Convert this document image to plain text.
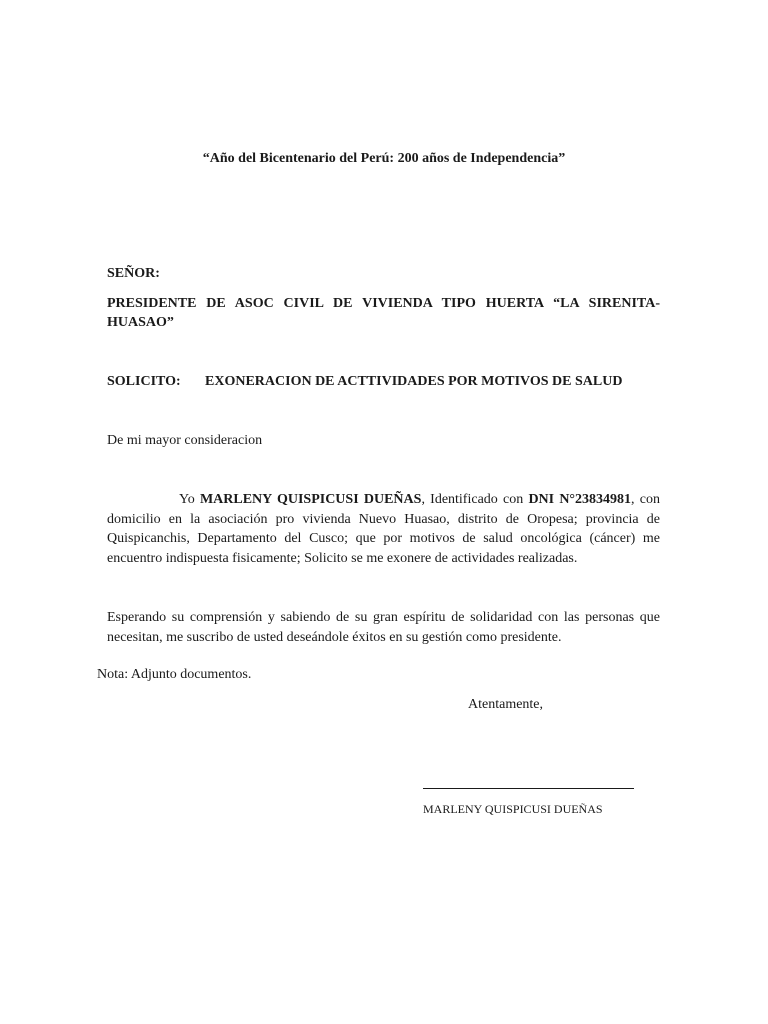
“Año del Bicentenario del Perú: 200 años de Independencia”
SEÑOR:
PRESIDENTE DE ASOC CIVIL DE VIVIENDA TIPO HUERTA “LA SIRENITA-HUASAO”
SOLICITO:	EXONERACION DE ACTTIVIDADES POR MOTIVOS DE SALUD
De mi mayor consideracion
Yo MARLENY QUISPICUSI DUEÑAS, Identificado con DNI N°23834981, con domicilio en la asociación pro vivienda Nuevo Huasao, distrito de Oropesa; provincia de Quispicanchis, Departamento del Cusco; que por motivos de salud oncológica (cáncer) me encuentro indispuesta fisicamente; Solicito se me exonere de actividades realizadas.
Esperando su comprensión y sabiendo de su gran espíritu de solidaridad con las personas que necesitan, me suscribo de usted deseándole éxitos en su gestión como presidente.
Nota: Adjunto documentos.
Atentamente,
MARLENY QUISPICUSI DUEÑAS
